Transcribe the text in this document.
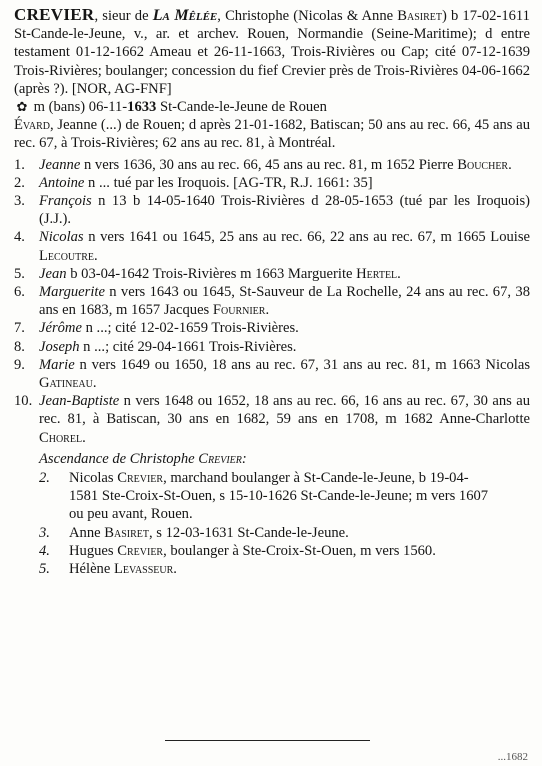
CREVIER, sieur de La Mêlée, Christophe (Nicolas & Anne Basiret) b 17-02-1611 St-Cande-le-Jeune, v., ar. et archev. Rouen, Normandie (Seine-Maritime); d entre testament 01-12-1662 Ameau et 26-11-1663, Trois-Rivières ou Cap; cité 07-12-1639 Trois-Rivières; boulanger; concession du fief Crevier près de Trois-Rivières 04-06-1662 (après ?). [NOR, AG-FNF]

✿ m (bans) 06-11-1633 St-Cande-le-Jeune de Rouen

Évard, Jeanne (...) de Rouen; d après 21-01-1682, Batiscan; 50 ans au rec. 66, 45 ans au rec. 67, à Trois-Rivières; 62 ans au rec. 81, à Montréal.

1. Jeanne n vers 1636, 30 ans au rec. 66, 45 ans au rec. 81, m 1652 Pierre Boucher.
2. Antoine n ... tué par les Iroquois. [AG-TR, R.J. 1661: 35]
3. François n 13 b 14-05-1640 Trois-Rivières d 28-05-1653 (tué par les Iroquois) (J.J.).
4. Nicolas n vers 1641 ou 1645, 25 ans au rec. 66, 22 ans au rec. 67, m 1665 Louise Lecoutre.
5. Jean b 03-04-1642 Trois-Rivières m 1663 Marguerite Hertel.
6. Marguerite n vers 1643 ou 1645, St-Sauveur de La Rochelle, 24 ans au rec. 67, 38 ans en 1683, m 1657 Jacques Fournier.
7. Jérôme n ...; cité 12-02-1659 Trois-Rivières.
8. Joseph n ...; cité 29-04-1661 Trois-Rivières.
9. Marie n vers 1649 ou 1650, 18 ans au rec. 67, 31 ans au rec. 81, m 1663 Nicolas Gatineau.
10. Jean-Baptiste n vers 1648 ou 1652, 18 ans au rec. 66, 16 ans au rec. 67, 30 ans au rec. 81, à Batiscan, 30 ans en 1682, 59 ans en 1708, m 1682 Anne-Charlotte Chorel.

Ascendance de Christophe Crevier:

2.	Nicolas Crevier, marchand boulanger à St-Cande-le-Jeune, b 19-04-1581 Ste-Croix-St-Ouen, s 15-10-1626 St-Cande-le-Jeune; m vers 1607 ou peu avant, Rouen.
3.	Anne Basiret, s 12-03-1631 St-Cande-le-Jeune.
4.	Hugues Crevier, boulanger à Ste-Croix-St-Ouen, m vers 1560.
5.	Hélène Levasseur.
...1682
